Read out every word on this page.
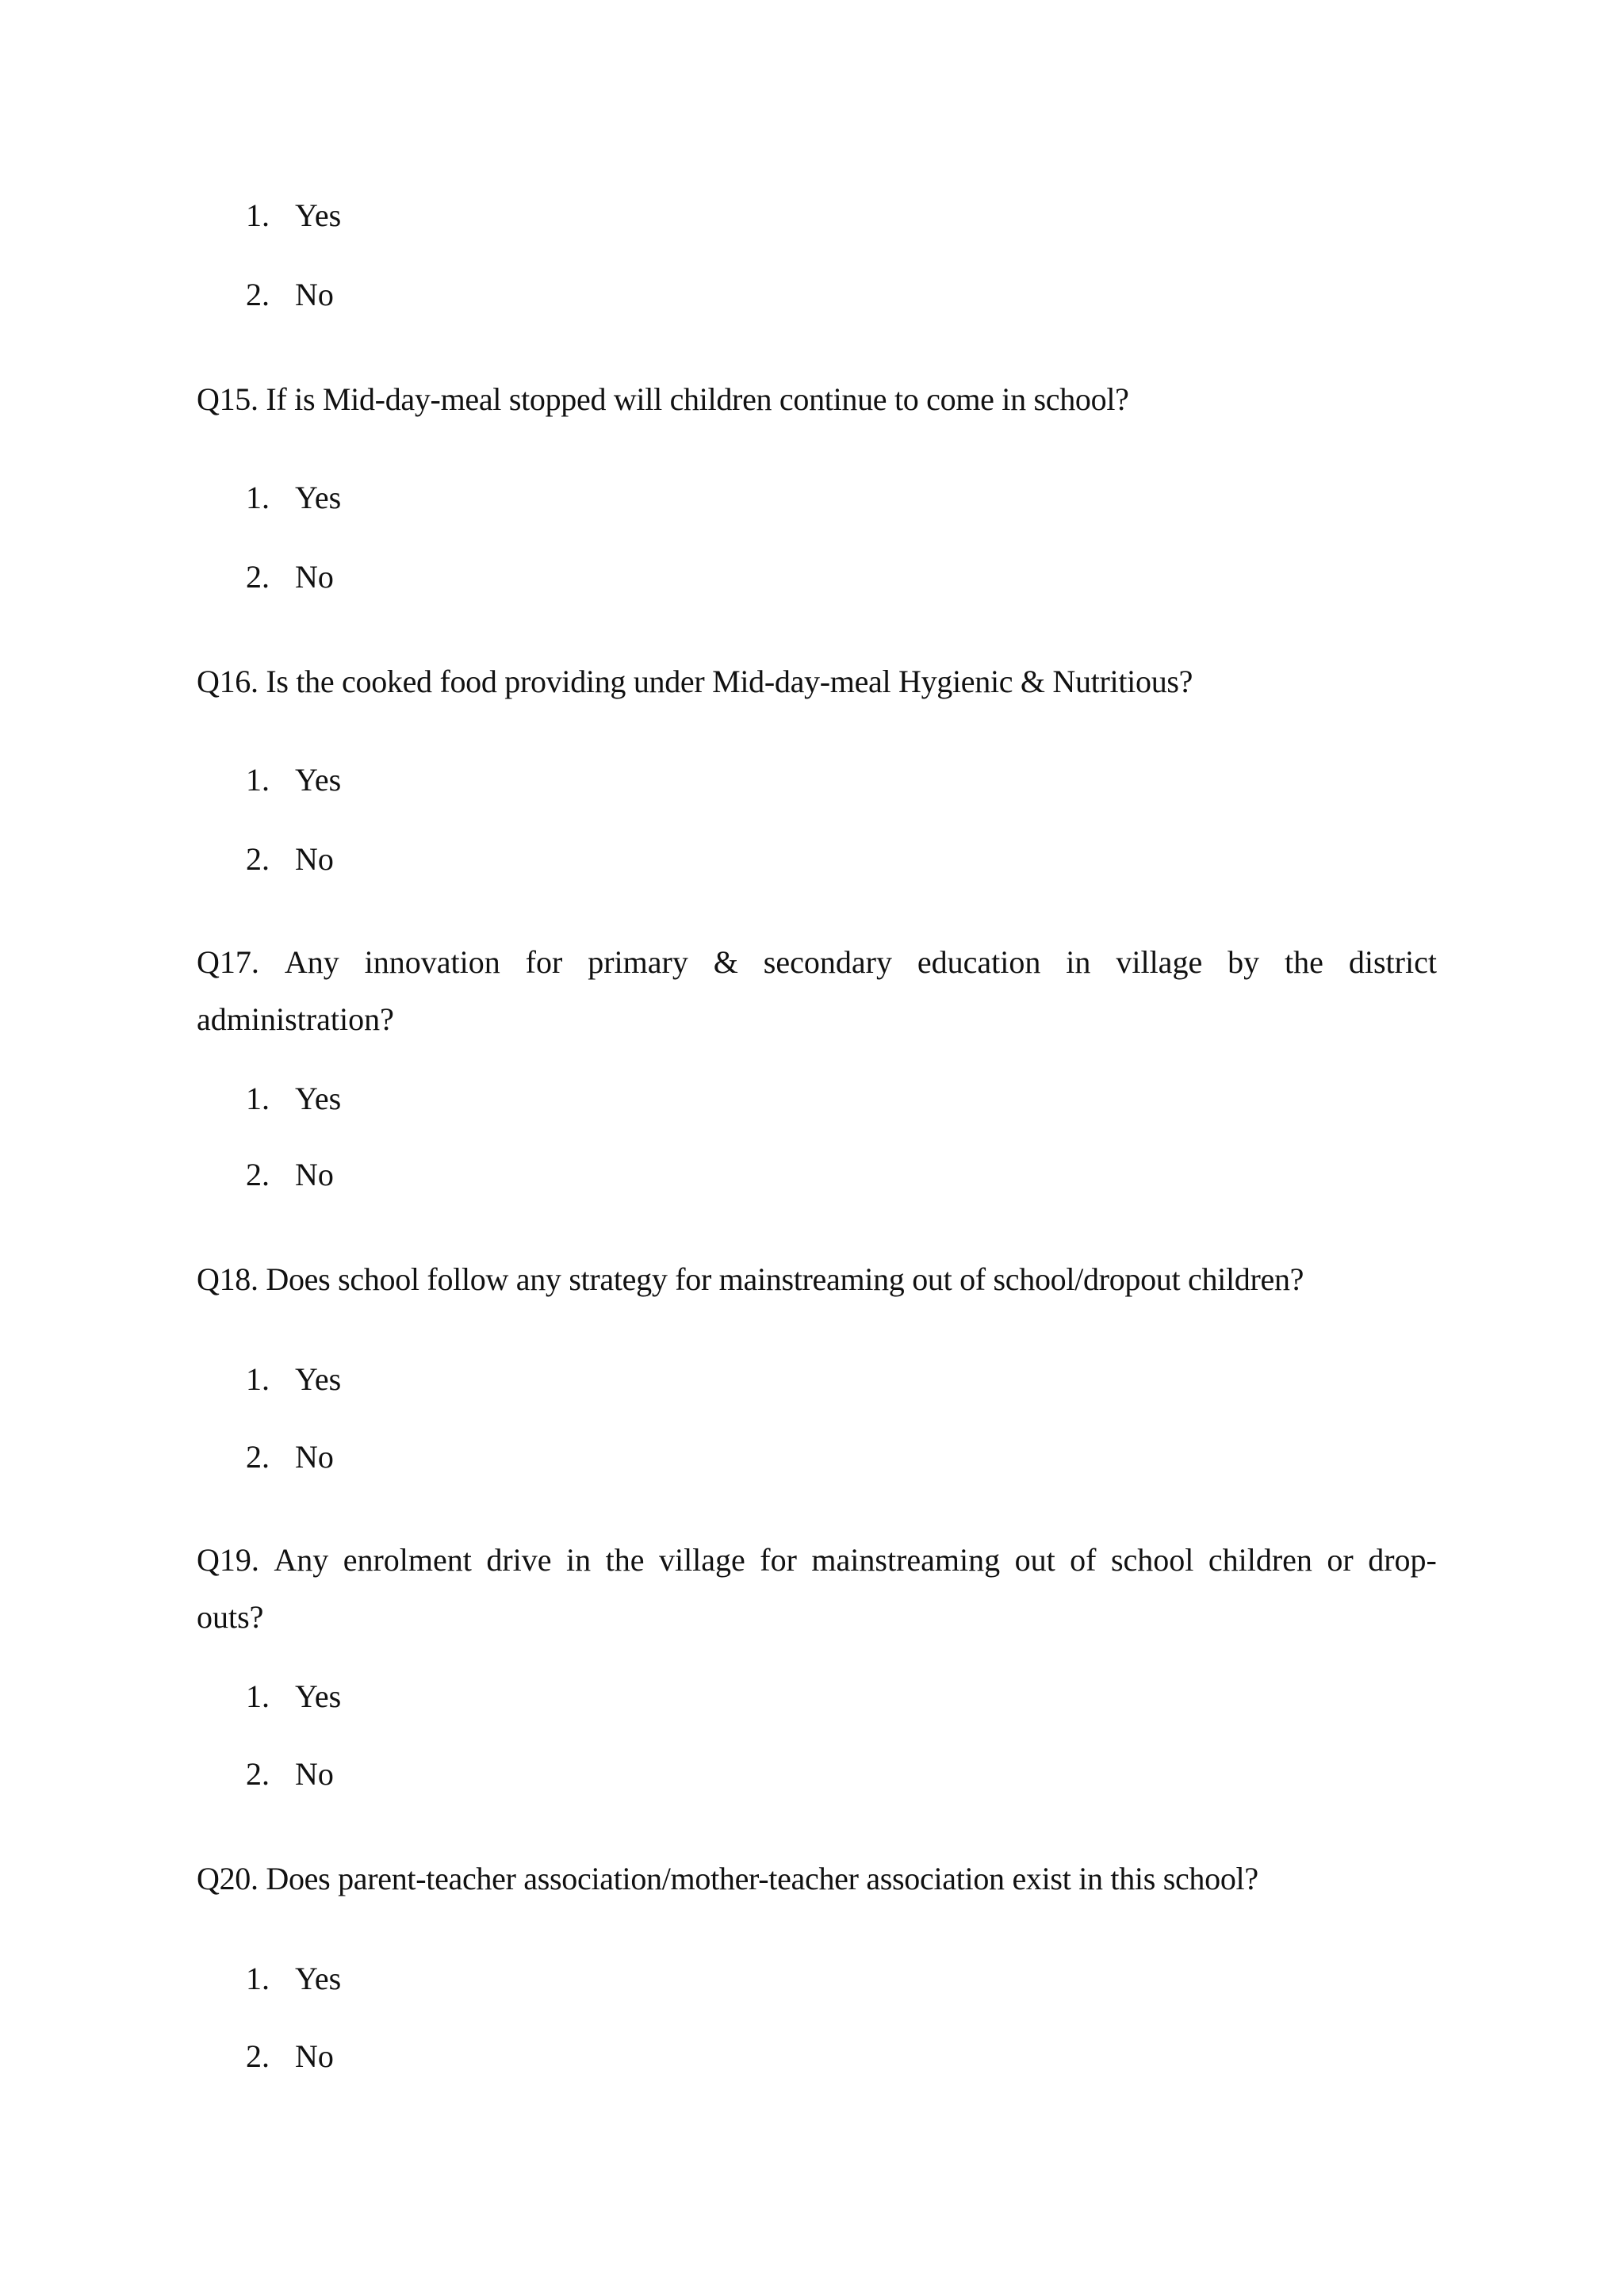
1. Yes
2. No
Q15. If is Mid-day-meal stopped will children continue to come in school?
1. Yes
2. No
Q16. Is the cooked food providing under Mid-day-meal Hygienic & Nutritious?
1. Yes
2. No
Q17. Any innovation for primary & secondary education in village by the district
administration?
1. Yes
2. No
Q18. Does school follow any strategy for mainstreaming out of school/dropout children?
1. Yes
2. No
Q19. Any enrolment drive in the village for mainstreaming out of school children or drop-
outs?
1. Yes
2. No
Q20. Does parent-teacher association/mother-teacher association exist in this school?
1. Yes
2. No
